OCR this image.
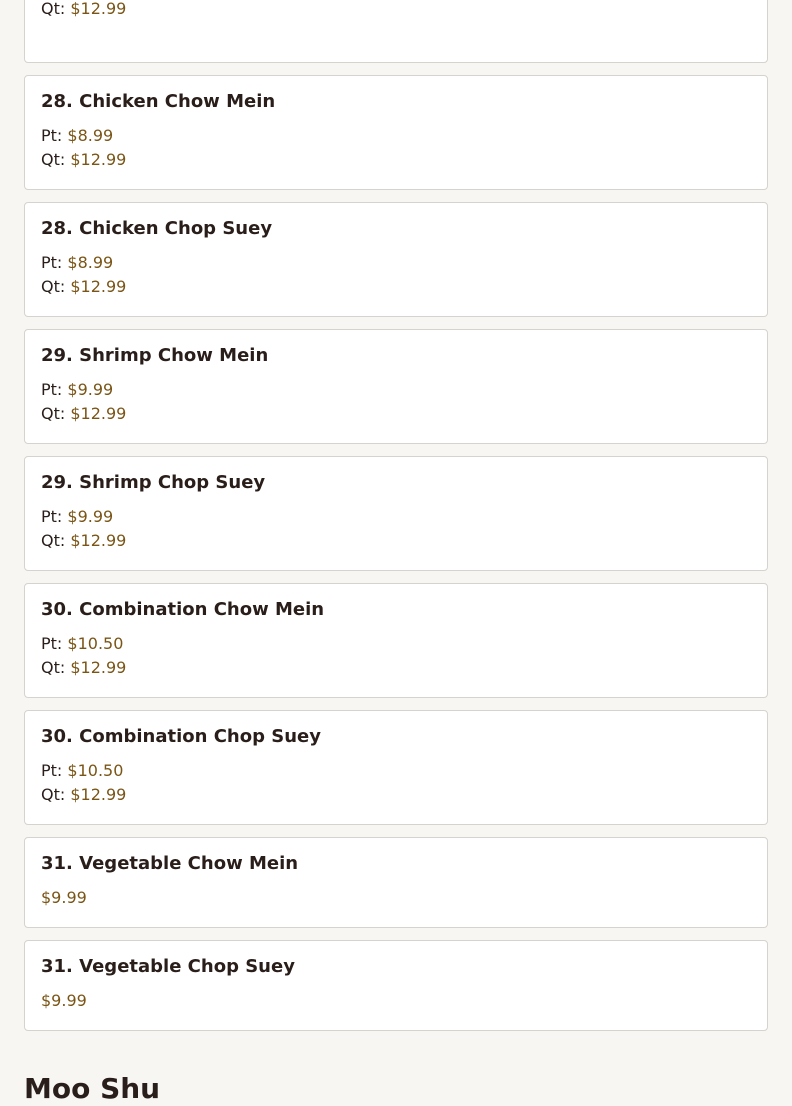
Qt: $12.99
28. Chicken Chow Mein
Pt: $8.99
Qt: $12.99
28. Chicken Chop Suey
Pt: $8.99
Qt: $12.99
29. Shrimp Chow Mein
Pt: $9.99
Qt: $12.99
29. Shrimp Chop Suey
Pt: $9.99
Qt: $12.99
30. Combination Chow Mein
Pt: $10.50
Qt: $12.99
30. Combination Chop Suey
Pt: $10.50
Qt: $12.99
31. Vegetable Chow Mein
$9.99
31. Vegetable Chop Suey
$9.99
Moo Shu
